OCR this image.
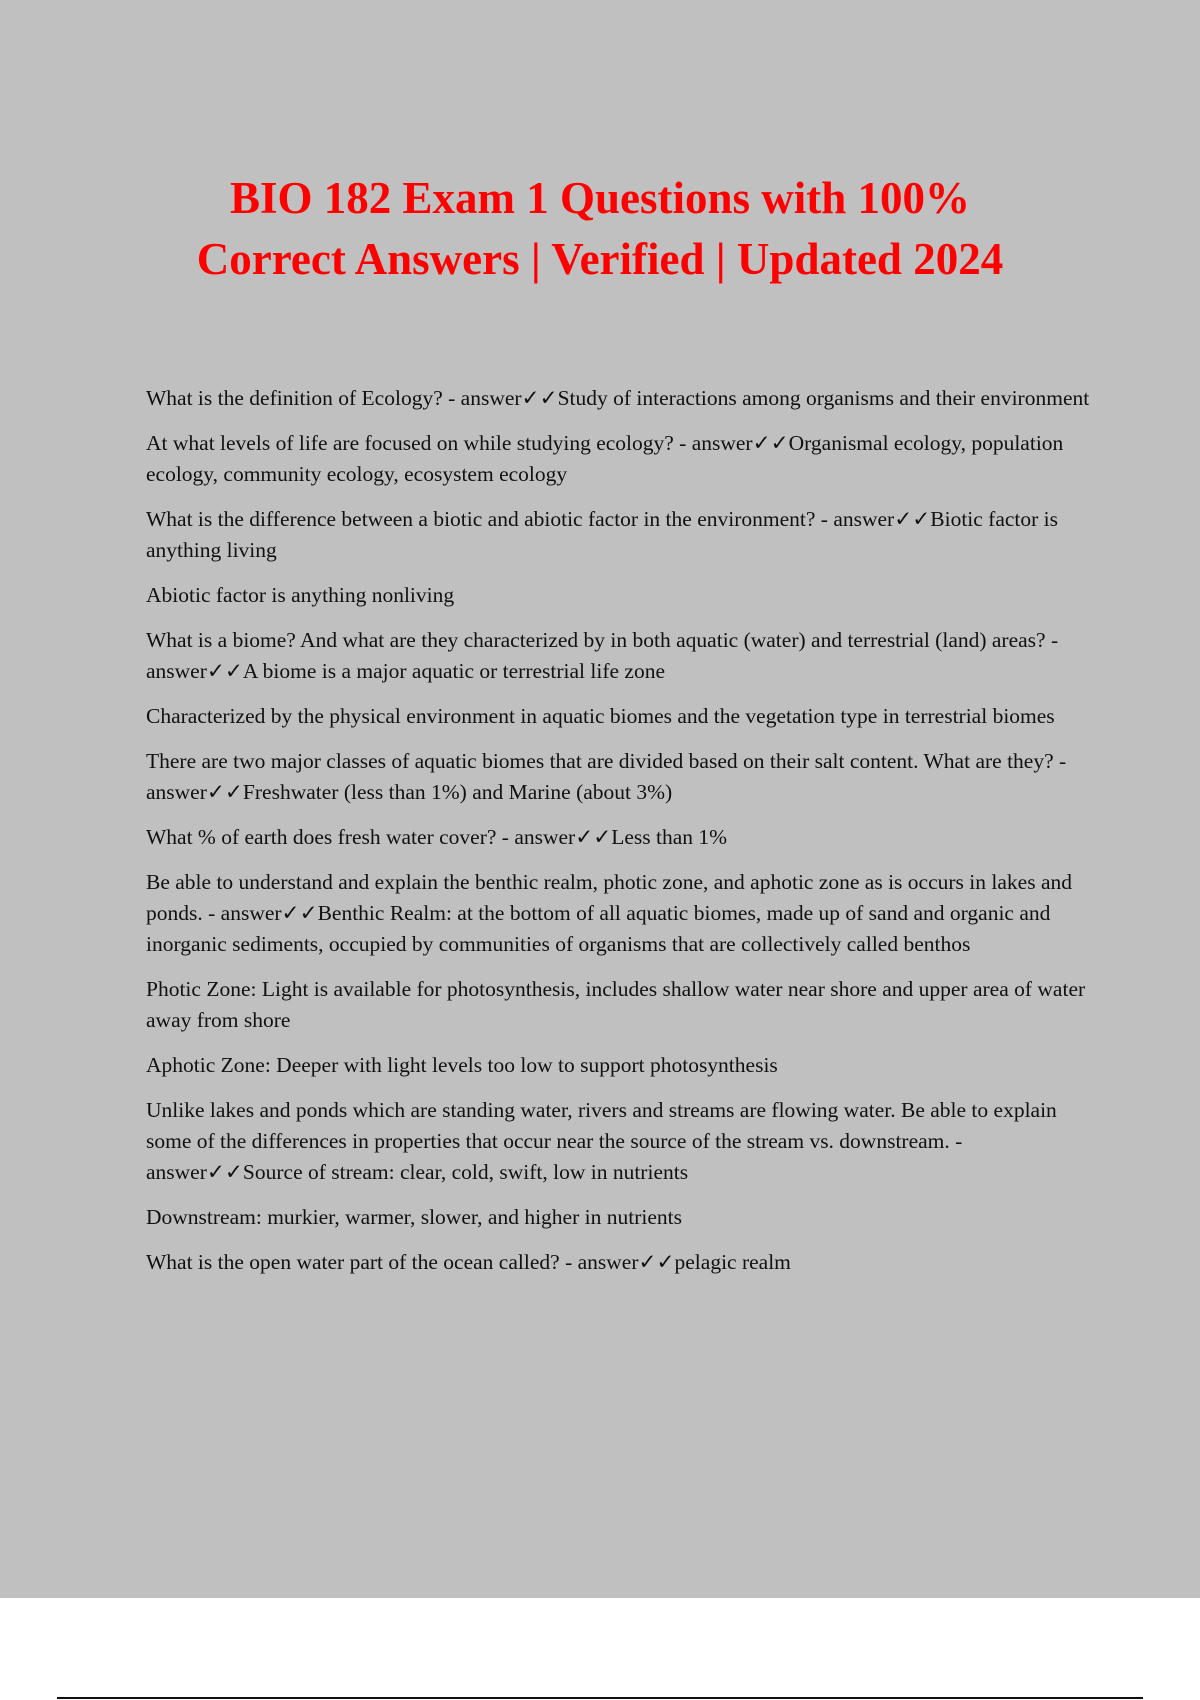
BIO 182 Exam 1 Questions with 100%
Correct Answers | Verified | Updated 2024

What is the definition of Ecology? - answer✓✓Study of interactions among organisms and their environment

At what levels of life are focused on while studying ecology? - answer✓✓Organismal ecology, population ecology, community ecology, ecosystem ecology

What is the difference between a biotic and abiotic factor in the environment? - answer✓✓Biotic factor is anything living

Abiotic factor is anything nonliving

What is a biome? And what are they characterized by in both aquatic (water) and terrestrial (land) areas? - answer✓✓A biome is a major aquatic or terrestrial life zone

Characterized by the physical environment in aquatic biomes and the vegetation type in terrestrial biomes

There are two major classes of aquatic biomes that are divided based on their salt content. What are they? - answer✓✓Freshwater (less than 1%) and Marine (about 3%)

What % of earth does fresh water cover? - answer✓✓Less than 1%

Be able to understand and explain the benthic realm, photic zone, and aphotic zone as is occurs in lakes and ponds. - answer✓✓Benthic Realm: at the bottom of all aquatic biomes, made up of sand and organic and inorganic sediments, occupied by communities of organisms that are collectively called benthos

Photic Zone: Light is available for photosynthesis, includes shallow water near shore and upper area of water away from shore

Aphotic Zone: Deeper with light levels too low to support photosynthesis

Unlike lakes and ponds which are standing water, rivers and streams are flowing water. Be able to explain some of the differences in properties that occur near the source of the stream vs. downstream. - answer✓✓Source of stream: clear, cold, swift, low in nutrients

Downstream: murkier, warmer, slower, and higher in nutrients

What is the open water part of the ocean called? - answer✓✓pelagic realm
